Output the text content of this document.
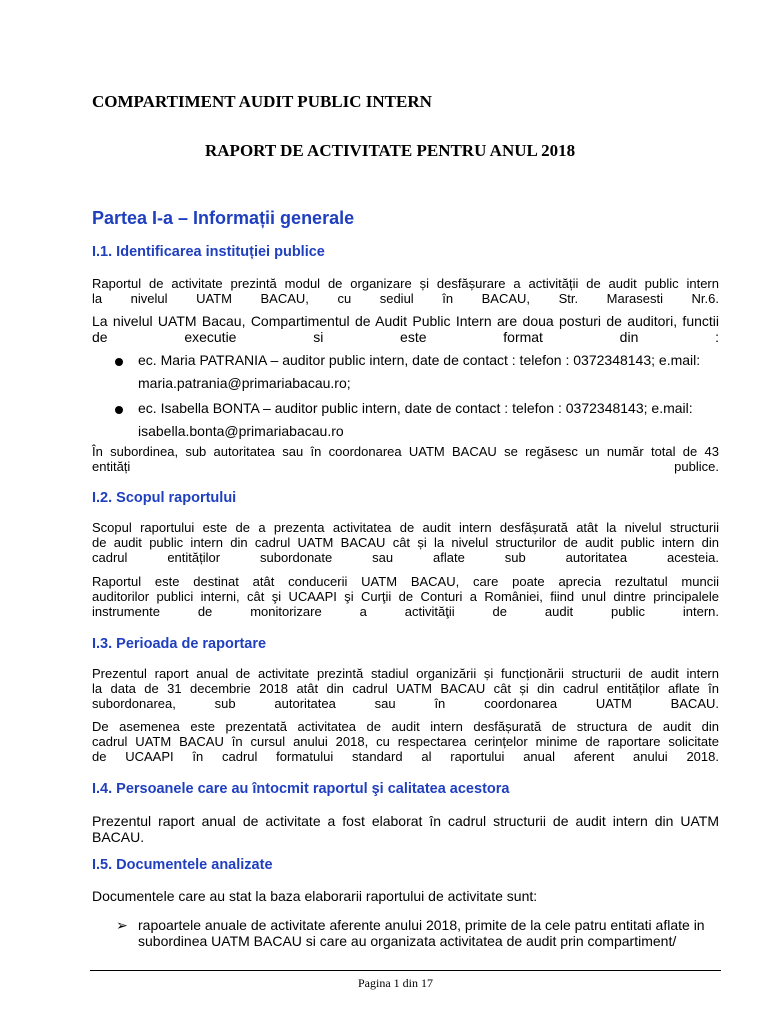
COMPARTIMENT AUDIT PUBLIC INTERN
RAPORT DE ACTIVITATE PENTRU ANUL 2018
Partea I-a – Informații generale
I.1. Identificarea instituției publice
Raportul de activitate prezintă modul de organizare și desfășurare a activității de audit public intern
la nivelul UATM BACAU, cu sediul în BACAU, Str. Marasesti Nr.6.
La nivelul UATM Bacau, Compartimentul de Audit Public Intern are doua posturi de auditori, functii
de executie si este format din :
ec. Maria PATRANIA – auditor public intern, date de contact : telefon : 0372348143; e.mail:
maria.patrania@primariabacau.ro;
ec. Isabella BONTA – auditor public intern, date de contact : telefon : 0372348143; e.mail:
isabella.bonta@primariabacau.ro
În subordinea, sub autoritatea sau în coordonarea UATM BACAU se regăsesc un număr total de 43
entități publice.
I.2. Scopul raportului
Scopul raportului este de a prezenta activitatea de audit intern desfășurată atât la nivelul structurii
de audit public intern din cadrul UATM BACAU cât și la nivelul structurilor de audit public intern din
cadrul entităților subordonate sau aflate sub autoritatea acesteia.
Raportul este destinat atât conducerii UATM BACAU, care poate aprecia rezultatul muncii
auditorilor publici interni, cât şi UCAAPI şi Curţii de Conturi a României, fiind unul dintre principalele
instrumente de monitorizare a activităţii de audit public intern.
I.3. Perioada de raportare
Prezentul raport anual de activitate prezintă stadiul organizării și funcționării structurii de audit intern
la data de 31 decembrie 2018 atât din cadrul UATM BACAU cât și din cadrul entităților aflate în
subordonarea, sub autoritatea sau în coordonarea UATM BACAU.
De asemenea este prezentată activitatea de audit intern desfășurată de structura de audit din
cadrul UATM BACAU în cursul anului 2018, cu respectarea cerințelor minime de raportare solicitate
de UCAAPI în cadrul formatului standard al raportului anual aferent anului 2018.
I.4. Persoanele care au întocmit raportul şi calitatea acestora
Prezentul raport anual de activitate a fost elaborat în cadrul structurii de audit intern din UATM
BACAU.
I.5. Documentele analizate
Documentele care au stat la baza elaborarii raportului de activitate sunt:
➢ rapoartele anuale de activitate aferente anului 2018, primite de la cele patru entitati aflate in
subordinea UATM BACAU si care au organizata activitatea de audit prin compartiment/
Pagina 1 din 17
